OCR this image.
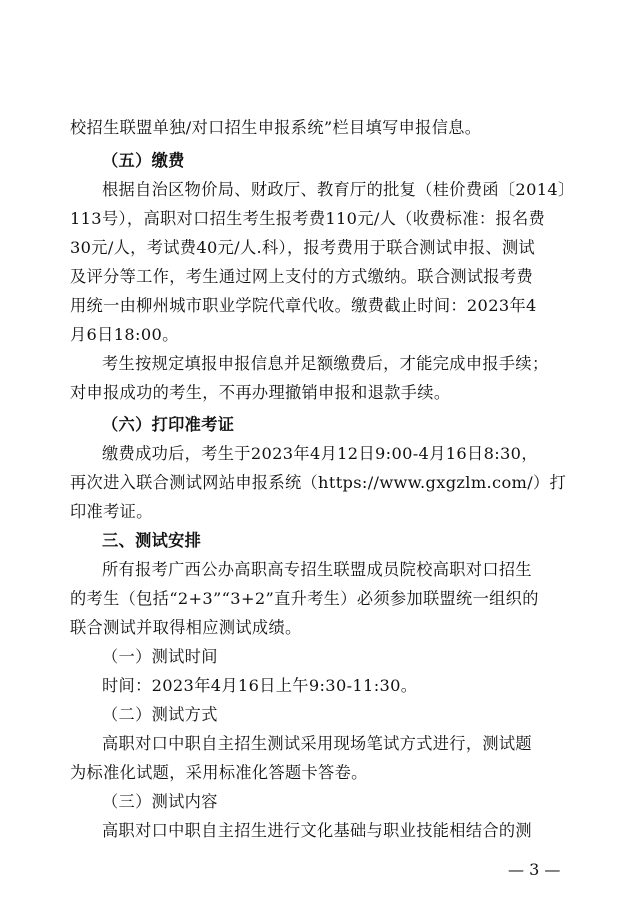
校招生联盟单独/对口招生申报系统”栏目填写申报信息。
（五）缴费
根据自治区物价局、财政厅、教育厅的批复（桂价费函〔2014〕
113号），高职对口招生考生报考费110元/人（收费标准：报名费
30元/人，考试费40元/人.科），报考费用于联合测试申报、测试
及评分等工作，考生通过网上支付的方式缴纳。联合测试报考费
用统一由柳州城市职业学院代章代收。缴费截止时间：2023年4
月6日18:00。
考生按规定填报申报信息并足额缴费后，才能完成申报手续；
对申报成功的考生，不再办理撤销申报和退款手续。
（六）打印准考证
缴费成功后，考生于2023年4月12日9:00-4月16日8:30，
再次进入联合测试网站申报系统（https://www.gxgzlm.com/）打
印准考证。
三、测试安排
所有报考广西公办高职高专招生联盟成员院校高职对口招生
的考生（包括“2+3”“3+2”直升考生）必须参加联盟统一组织的
联合测试并取得相应测试成绩。
（一）测试时间
时间：2023年4月16日上午9:30-11:30。
（二）测试方式
高职对口中职自主招生测试采用现场笔试方式进行，测试题
为标准化试题，采用标准化答题卡答卷。
（三）测试内容
高职对口中职自主招生进行文化基础与职业技能相结合的测
— 3 —
